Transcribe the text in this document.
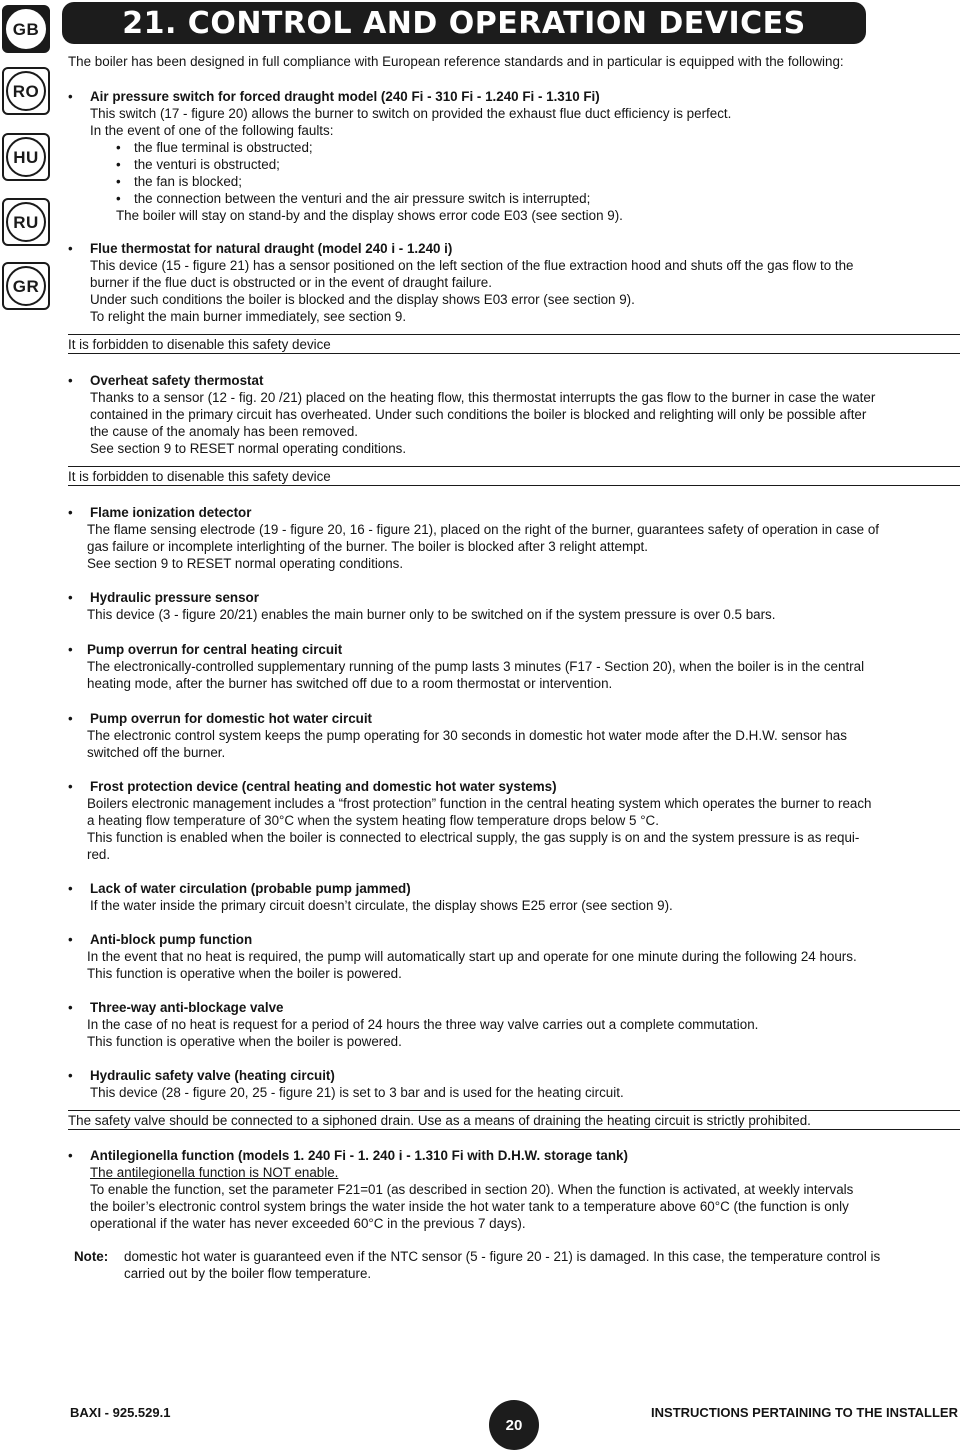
GB
RO
HU
RU
GR
21. CONTROL AND OPERATION DEVICES

The boiler has been designed in full compliance with European reference standards and in particular is equipped with the following:

• Air pressure switch for forced draught model (240 Fi - 310 Fi - 1.240 Fi - 1.310 Fi)

This switch (17 - figure 20) allows the burner to switch on provided the exhaust flue duct efficiency is perfect.

In the event of one of the following faults:

• the flue terminal is obstructed;
• the venturi is obstructed;
• the fan is blocked;
• the connection between the venturi and the air pressure switch is interrupted;

The boiler will stay on stand-by and the display shows error code E03 (see section 9).

• Flue thermostat for natural draught (model 240 i - 1.240 i)

This device (15 - figure 21) has a sensor positioned on the left section of the flue extraction hood and shuts off the gas flow to the

burner if the flue duct is obstructed or in the event of draught failure.

Under such conditions the boiler is blocked and the display shows E03 error (see section 9).

To relight the main burner immediately, see section 9.

It is forbidden to disenable this safety device

• Overheat safety thermostat

Thanks to a sensor (12 - fig. 20 /21) placed on the heating flow, this thermostat interrupts the gas flow to the burner in case the water

contained in the primary circuit has overheated. Under such conditions the boiler is blocked and relighting will only be possible after

the cause of the anomaly has been removed.

See section 9 to RESET normal operating conditions.

It is forbidden to disenable this safety device

• Flame ionization detector

The flame sensing electrode (19 - figure 20, 16 - figure 21), placed on the right of the burner, guarantees safety of operation in case of

gas failure or incomplete interlighting of the burner. The boiler is blocked after 3 relight attempt.

See section 9 to RESET normal operating conditions.

• Hydraulic pressure sensor

This device (3 - figure 20/21) enables the main burner only to be switched on if the system pressure is over 0.5 bars.

• Pump overrun for central heating circuit

The electronically-controlled supplementary running of the pump lasts 3 minutes (F17 - Section 20), when the boiler is in the central

heating mode, after the burner has switched off due to a room thermostat or intervention.

• Pump overrun for domestic hot water circuit

The electronic control system keeps the pump operating for 30 seconds in domestic hot water mode after the D.H.W. sensor has

switched off the burner.

• Frost protection device (central heating and domestic hot water systems)

Boilers electronic management includes a “frost protection” function in the central heating system which operates the burner to reach

a heating flow temperature of 30°C when the system heating flow temperature drops below 5 °C.

This function is enabled when the boiler is connected to electrical supply, the gas supply is on and the system pressure is as requi-

red.

• Lack of water circulation (probable pump jammed)

If the water inside the primary circuit doesn’t circulate, the display shows E25 error (see section 9).

• Anti-block pump function

In the event that no heat is required, the pump will automatically start up and operate for one minute during the following 24 hours.

This function is operative when the boiler is powered.

• Three-way anti-blockage valve

In the case of no heat is request for a period of 24 hours the three way valve carries out a complete commutation.

This function is operative when the boiler is powered.

• Hydraulic safety valve (heating circuit)

This device (28 - figure 20, 25 - figure 21) is set to 3 bar and is used for the heating circuit.

The safety valve should be connected to a siphoned drain. Use as a means of draining the heating circuit is strictly prohibited.

• Antilegionella function (models 1. 240 Fi - 1. 240 i - 1.310 Fi with D.H.W. storage tank)

The antilegionella function is NOT enable.

To enable the function, set the parameter F21=01 (as described in section 20). When the function is activated, at weekly intervals

the boiler’s electronic control system brings the water inside the hot water tank to a temperature above 60°C (the function is only

operational if the water has never exceeded 60°C in the previous 7 days).

Note: domestic hot water is guaranteed even if the NTC sensor (5 - figure 20 - 21) is damaged. In this case, the temperature control is

carried out by the boiler flow temperature.

BAXI - 925.529.1
20
INSTRUCTIONS PERTAINING TO THE INSTALLER
